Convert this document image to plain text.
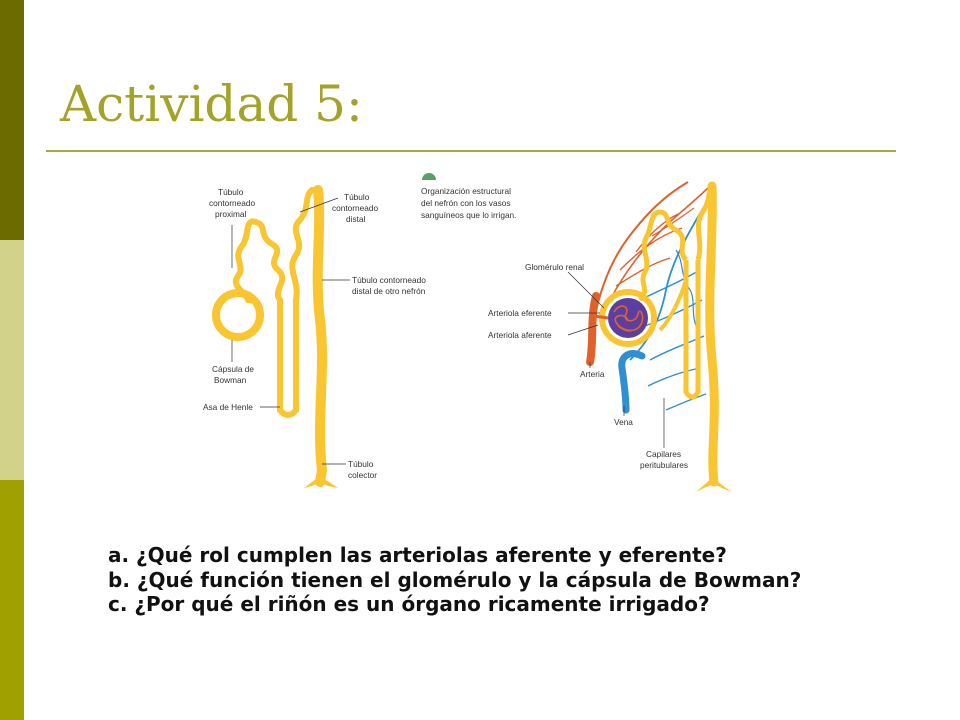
Actividad 5:
Túbulo
contorneado
proximal
Túbulo
contorneado
distal
Túbulo contorneado
distal de otro nefrón
Cápsula de
Bowman
Asa de Henle
Túbulo
colector
Organización estructural
del nefrón con los vasos
sanguíneos que lo irrigan.
Glomérulo renal
Arteriola eferente
Arteriola aferente
Arteria
Vena
Capilares
peritubulares
a. ¿Qué rol cumplen las arteriolas aferente y eferente?
b. ¿Qué función tienen el glomérulo y la cápsula de Bowman?
c. ¿Por qué el riñón es un órgano ricamente irrigado?
